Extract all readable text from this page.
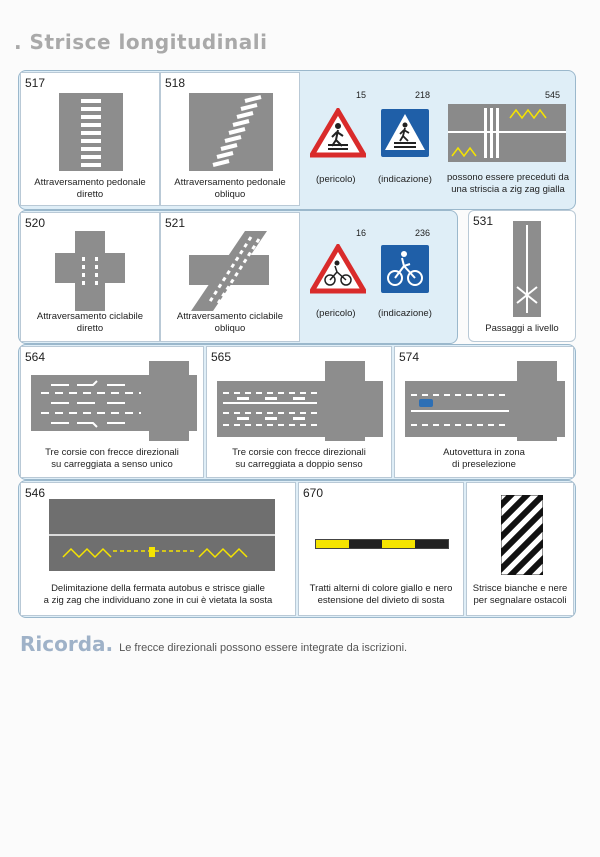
. Strisce longitudinali
517
Attraversamento pedonale
diretto
518
Attraversamento pedonale
obliquo
15	218
(pericolo) (indicazione)
545
possono essere preceduti da
una striscia a zig zag gialla
520
Attraversamento ciclabile
diretto
521
Attraversamento ciclabile
obliquo
16	236
(pericolo) (indicazione)
531
Passaggi a livello
564
Tre corsie con frecce direzionali
su carreggiata a senso unico
565
Tre corsie con frecce direzionali
su carreggiata a doppio senso
574
Autovettura in zona
di preselezione
546
Delimitazione della fermata autobus e strisce gialle
a zig zag che individuano zone in cui è vietata la sosta
670
Tratti alterni di colore giallo e nero
estensione del divieto di sosta
Strisce bianche e nere
per segnalare ostacoli
Ricorda. Le frecce direzionali possono essere integrate da iscrizioni.
